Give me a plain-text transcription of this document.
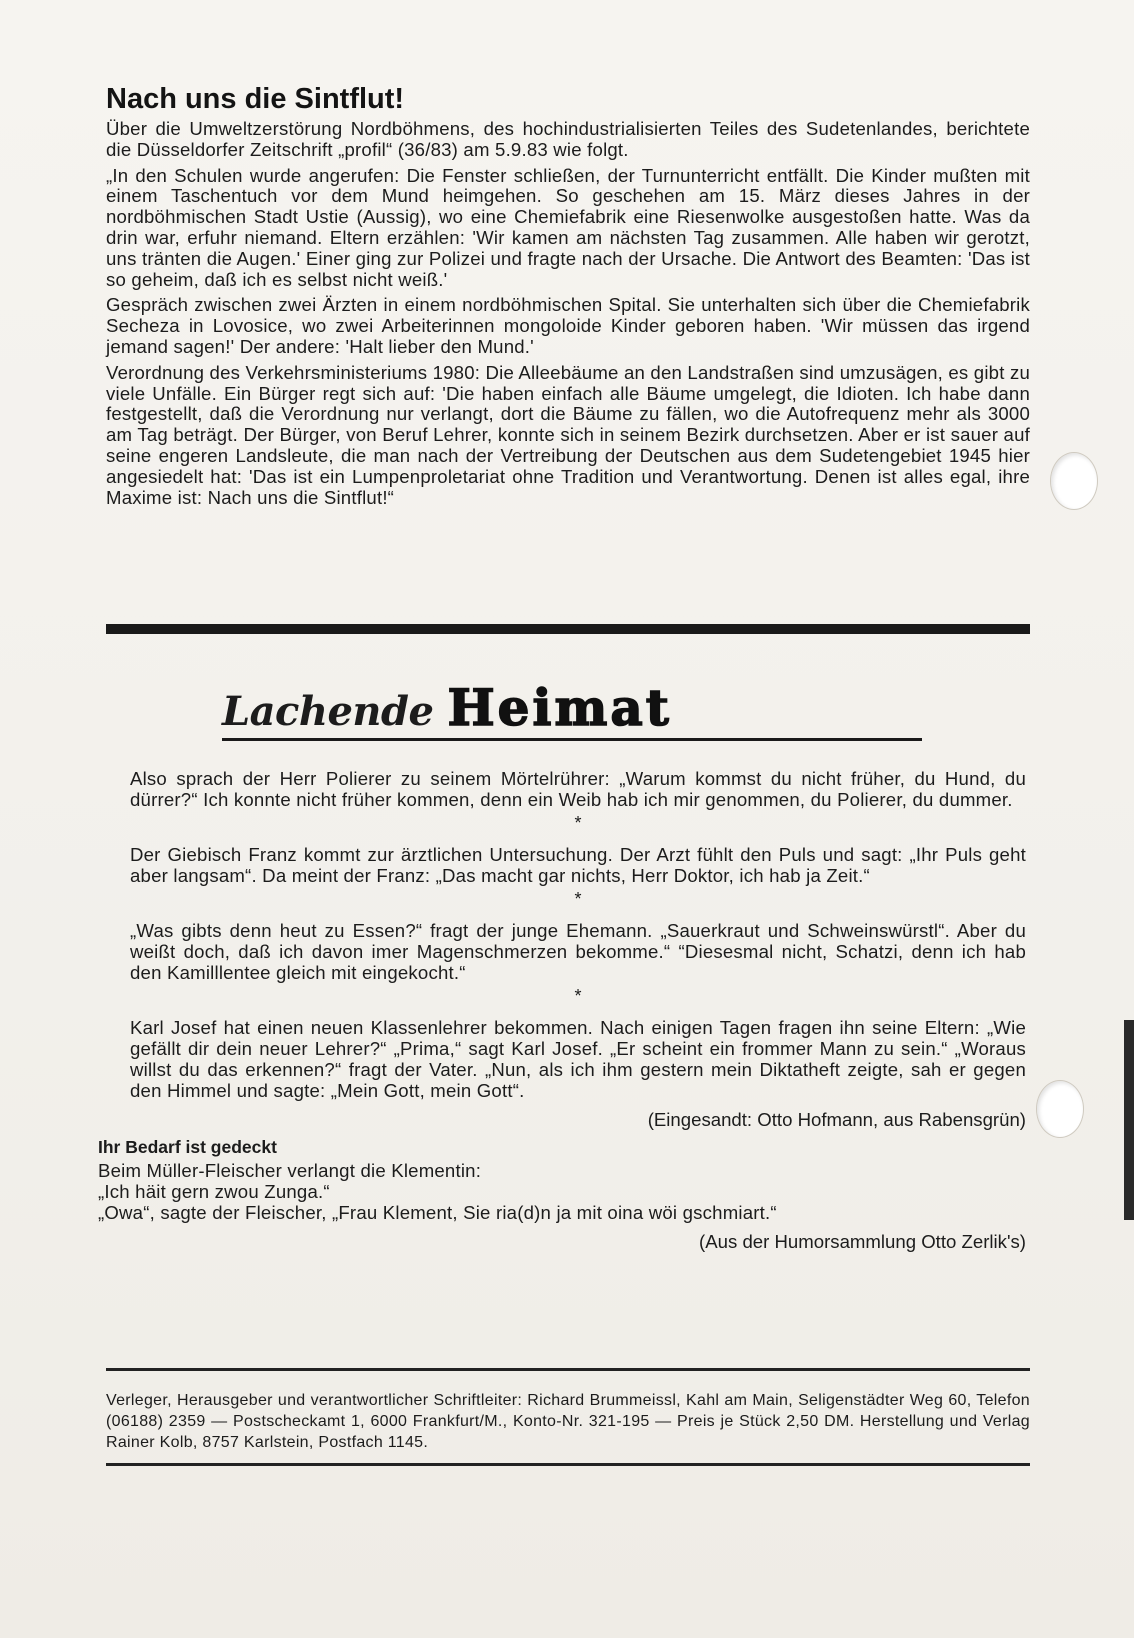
Nach uns die Sintflut!

Über die Umweltzerstörung Nordböhmens, des hochindustrialisierten Teiles des Sudetenlandes, berichtete die Düsseldorfer Zeitschrift „profil“ (36/83) am 5.9.83 wie folgt.

„In den Schulen wurde angerufen: Die Fenster schließen, der Turnunterricht entfällt. Die Kinder mußten mit einem Taschentuch vor dem Mund heimgehen. So geschehen am 15. März dieses Jahres in der nordböhmischen Stadt Ustie (Aussig), wo eine Chemiefabrik eine Riesenwolke ausgestoßen hatte. Was da drin war, erfuhr niemand. Eltern erzählen: 'Wir kamen am nächsten Tag zusammen. Alle haben wir gerotzt, uns tränten die Augen.' Einer ging zur Polizei und fragte nach der Ursache. Die Antwort des Beamten: 'Das ist so geheim, daß ich es selbst nicht weiß.'

Gespräch zwischen zwei Ärzten in einem nordböhmischen Spital. Sie unterhalten sich über die Chemiefabrik Secheza in Lovosice, wo zwei Arbeiterinnen mongoloide Kinder geboren haben. 'Wir müssen das irgend jemand sagen!' Der andere: 'Halt lieber den Mund.'

Verordnung des Verkehrsministeriums 1980: Die Alleebäume an den Landstraßen sind umzusägen, es gibt zu viele Unfälle. Ein Bürger regt sich auf: 'Die haben einfach alle Bäume umgelegt, die Idioten. Ich habe dann festgestellt, daß die Verordnung nur verlangt, dort die Bäume zu fällen, wo die Autofrequenz mehr als 3000 am Tag beträgt. Der Bürger, von Beruf Lehrer, konnte sich in seinem Bezirk durchsetzen. Aber er ist sauer auf seine engeren Landsleute, die man nach der Vertreibung der Deutschen aus dem Sudetengebiet 1945 hier angesiedelt hat: 'Das ist ein Lumpenproletariat ohne Tradition und Verantwortung. Denen ist alles egal, ihre Maxime ist: Nach uns die Sintflut!“

Lachende Heimat

Also sprach der Herr Polierer zu seinem Mörtelrührer: „Warum kommst du nicht früher, du Hund, du dürrer?“ Ich konnte nicht früher kommen, denn ein Weib hab ich mir genommen, du Polierer, du dummer.

*

Der Giebisch Franz kommt zur ärztlichen Untersuchung. Der Arzt fühlt den Puls und sagt: „Ihr Puls geht aber langsam“. Da meint der Franz: „Das macht gar nichts, Herr Doktor, ich hab ja Zeit.“

*

„Was gibts denn heut zu Essen?“ fragt der junge Ehemann. „Sauerkraut und Schweinswürstl“. Aber du weißt doch, daß ich davon imer Magenschmerzen bekomme.“ “Diesesmal nicht, Schatzi, denn ich hab den Kamilllentee gleich mit eingekocht.“

*

Karl Josef hat einen neuen Klassenlehrer bekommen. Nach einigen Tagen fragen ihn seine Eltern: „Wie gefällt dir dein neuer Lehrer?“ „Prima,“ sagt Karl Josef. „Er scheint ein frommer Mann zu sein.“ „Woraus willst du das erkennen?“ fragt der Vater. „Nun, als ich ihm gestern mein Diktatheft zeigte, sah er gegen den Himmel und sagte: „Mein Gott, mein Gott“.

(Eingesandt: Otto Hofmann, aus Rabensgrün)
Ihr Bedarf ist gedeckt
Beim Müller-Fleischer verlangt die Klementin:
„Ich häit gern zwou Zunga.“
„Owa“, sagte der Fleischer, „Frau Klement, Sie ria(d)n ja mit oina wöi gschmiart.“
(Aus der Humorsammlung Otto Zerlik's)
Verleger, Herausgeber und verantwortlicher Schriftleiter: Richard Brummeissl, Kahl am Main, Seligenstädter Weg 60, Telefon (06188) 2359 — Postscheckamt 1, 6000 Frankfurt/M., Konto-Nr. 321-195 — Preis je Stück 2,50 DM. Herstellung und Verlag Rainer Kolb, 8757 Karlstein, Postfach 1145.
